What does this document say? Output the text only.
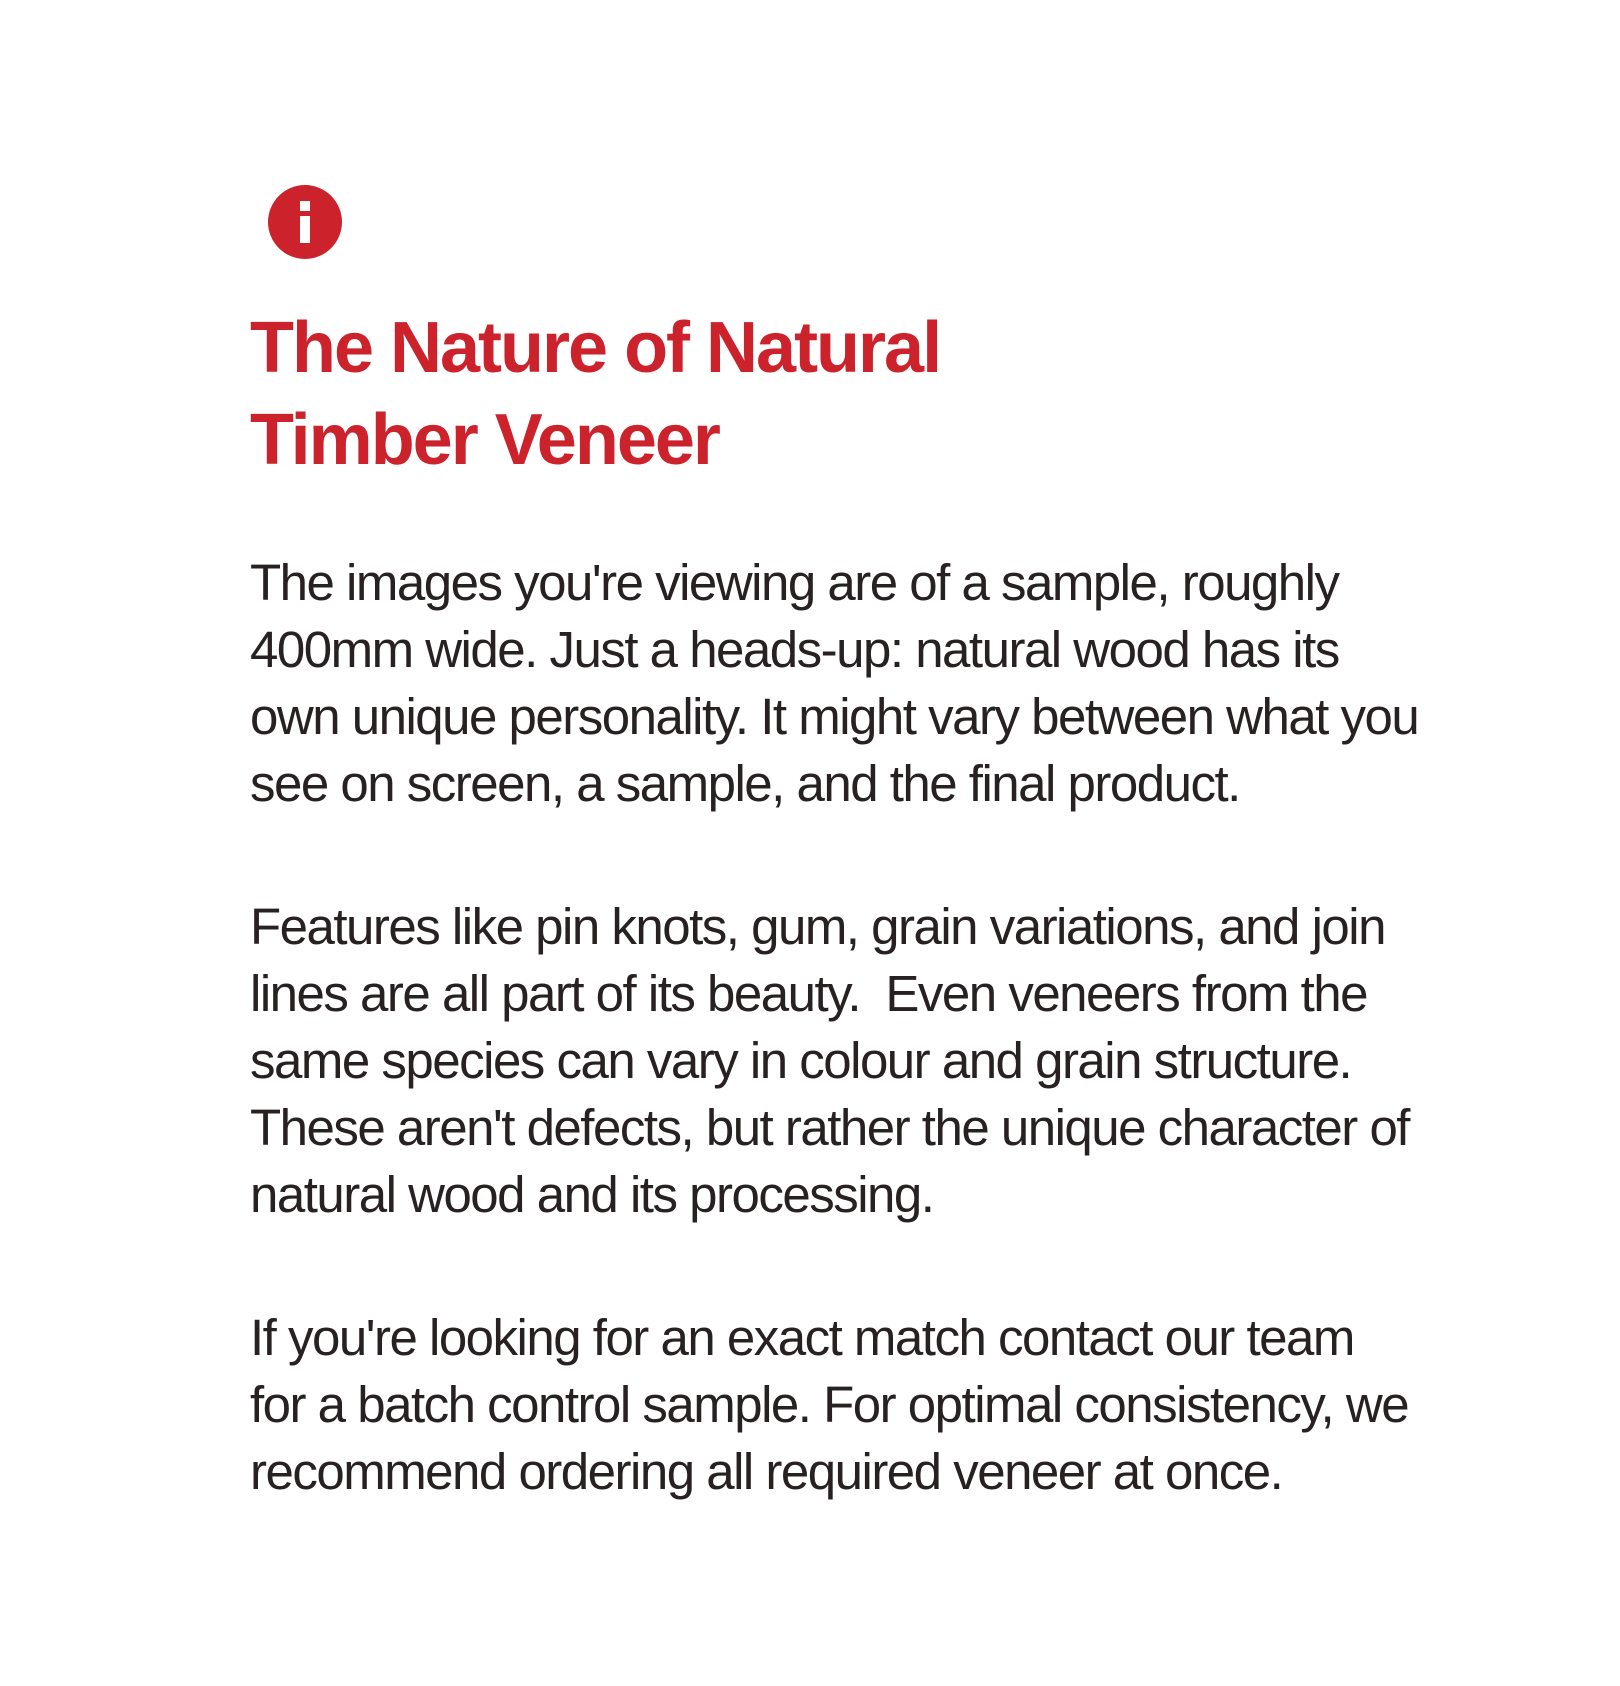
The Nature of Natural
Timber Veneer

The images you're viewing are of a sample, roughly
400mm wide. Just a heads-up: natural wood has its
own unique personality. It might vary between what you
see on screen, a sample, and the final product.

Features like pin knots, gum, grain variations, and join
lines are all part of its beauty.  Even veneers from the
same species can vary in colour and grain structure.
These aren't defects, but rather the unique character of
natural wood and its processing.

If you're looking for an exact match contact our team
for a batch control sample. For optimal consistency, we
recommend ordering all required veneer at once.
